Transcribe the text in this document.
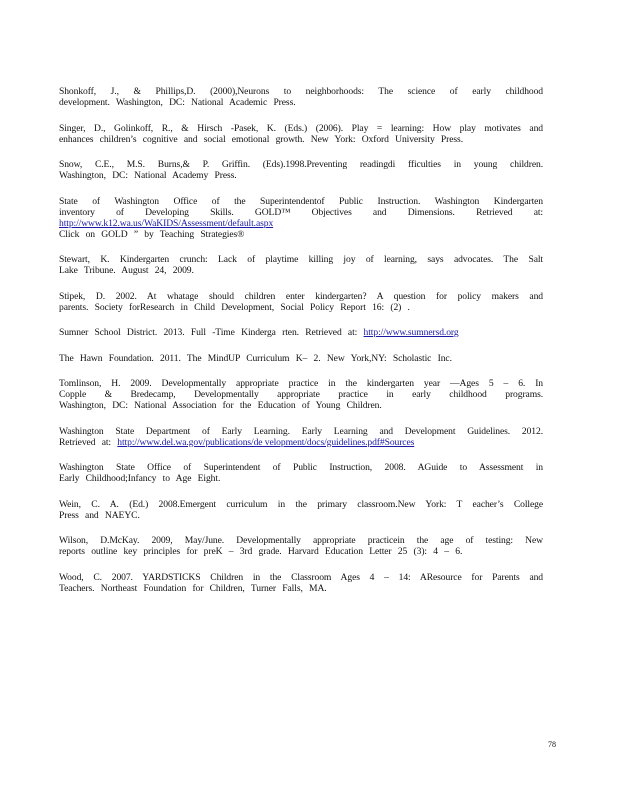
Shonkoff, J., & Phillips,D. (2000),Neurons to neighborhoods: The science of early childhood
development. Washington, DC: National Academic Press.
Singer, D., Golinkoff, R., & Hirsch -Pasek, K. (Eds.) (2006). Play = learning: How play motivates and
enhances children’s cognitive and social emotional growth. New York: Oxford University Press.
Snow, C.E., M.S. Burns,& P. Griffin. (Eds).1998.Preventing readingdi fficulties in young children.
Washington, DC: National Academy Press.
State of Washington Office of the Superintendentof Public Instruction. Washington Kindergarten
inventory of Developing Skills. GOLD™ Objectives and Dimensions. Retrieved at:
http://www.k12.wa.us/WaKIDS/Assessment/default.aspx
Click on GOLD ” by Teaching Strategies®
Stewart, K. Kindergarten crunch: Lack of playtime killing joy of learning, says advocates. The Salt
Lake Tribune. August 24, 2009.
Stipek, D. 2002. At whatage should children enter kindergarten? A question for policy makers and
parents. Society forResearch in Child Development, Social Policy Report 16: (2) .
Sumner School District. 2013. Full -Time Kinderga rten. Retrieved at: http://www.sumnersd.org
The Hawn Foundation. 2011. The MindUP Curriculum K– 2. New York,NY: Scholastic Inc.
Tomlinson, H. 2009. Developmentally appropriate practice in the kindergarten year —Ages 5 – 6. In
Copple & Bredecamp, Developmentally appropriate practice in early childhood programs.
Washington, DC: National Association for the Education of Young Children.
Washington State Department of Early Learning. Early Learning and Development Guidelines. 2012.
Retrieved at: http://www.del.wa.gov/publications/de velopment/docs/guidelines.pdf#Sources
Washington State Office of Superintendent of Public Instruction, 2008. AGuide to Assessment in
Early Childhood;Infancy to Age Eight.
Wein, C. A. (Ed.) 2008.Emergent curriculum in the primary classroom.New York: T eacher’s College
Press and NAEYC.
Wilson, D.McKay. 2009, May/June. Developmentally appropriate practicein the age of testing: New
reports outline key principles for preK – 3rd grade. Harvard Education Letter 25 (3): 4 – 6.
Wood, C. 2007. YARDSTICKS Children in the Classroom Ages 4 – 14: AResource for Parents and
Teachers. Northeast Foundation for Children, Turner Falls, MA.
78
